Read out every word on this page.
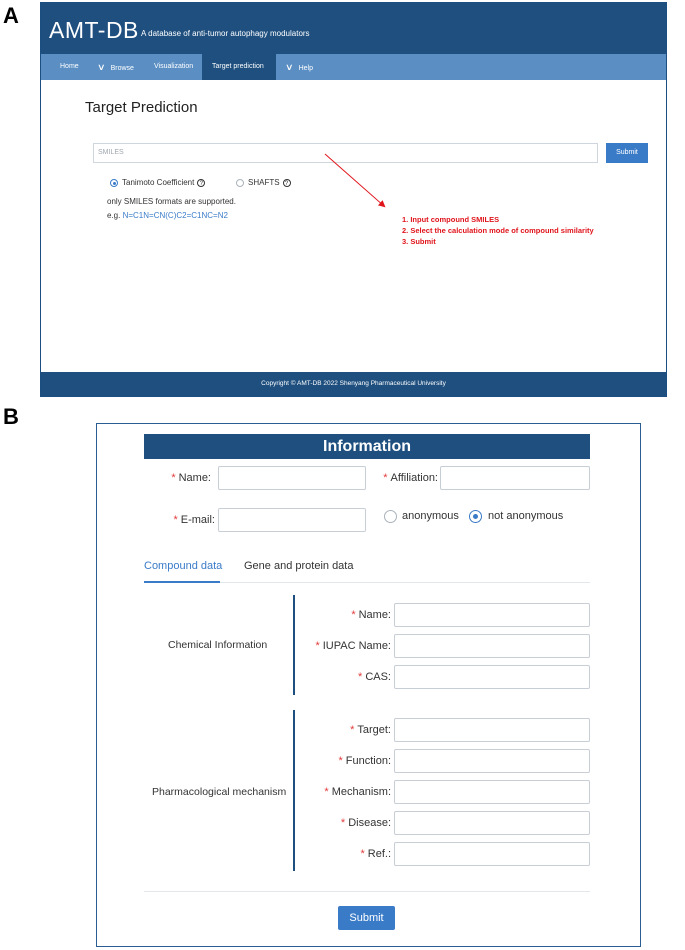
A
B
AMT-DB A database of anti-tumor autophagy modulators
Home	∨ Browse	Visualization	Target prediction	∨ Help
Target Prediction
SMILES	Submit
Tanimoto Coefficient ?	SHAFTS ?
only SMILES formats are supported.
e.g. N=C1N=CN(C)C2=C1NC=N2	1. Input compound SMILES
2. Select the calculation mode of compound similarity
3. Submit
Copyright © AMT-DB 2022 Shenyang Pharmaceutical University
Information
* Name:	* Affiliation:
* E-mail:	anonymous	not anonymous
Compound data Gene and protein data
Chemical Information
* Name:
* IUPAC Name:
* CAS:
Pharmacological mechanism
* Target:
* Function:
* Mechanism:
* Disease:
* Ref.:
Submit
